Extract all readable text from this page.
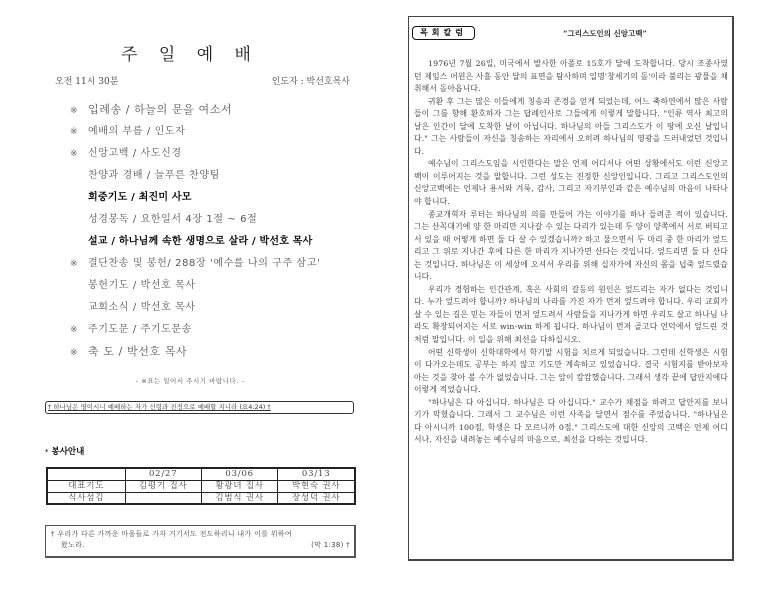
주 일 예 배
오전 11시 30분	인도자 : 박선호목사
※ 입례송 / 하늘의 문을 여소서
※ 예배의 부름 / 인도자
※ 신앙고백 / 사도신경
찬양과 경배 / 늘푸른 찬양팀
회중기도 / 최진미 사모
성경봉독 / 요한일서 4장 1절 ~ 6절
설교 / 하나님께 속한 생명으로 살라 / 박선호 목사
※ 결단찬송 및 봉헌/ 288장 '예수를 나의 구주 삼고'
봉헌기도 / 박선호 목사
교회소식 / 박선호 목사
※ 주기도문 / 주기도문송
※ 축 도 / 박선호 목사
- ※표는 일어서 주시기 바랍니다. -
† 하나님은 영이시니 예배하는 자가 신령과 진정으로 예배할 지니라 (요4:24) †
* 봉사안내
	02/27	03/06	03/13
대표기도	김평기 집사	황광녀 집사	박현숙 권사
식사섬김		김범식 권사	장성덕 권사
† 우리가 다른 가까운 마을들로 가자 거기서도 전도하리니 내가 이를 위하여
왔노라.	(막 1:38) †
목회칼럼	“그리스도인의 신앙고백”

1976년 7월 26일, 미국에서 발사한 아폴로 15호가 달에 도착합니다. 당시 조종사였던 제임스 어윈은 사흘 동안 달의 표면을 탐사하며 일명'창세기의 돌'이라 불리는 광물을 채취해서 돌아옵니다.

귀환 후 그는 많은 이들에게 칭송과 존경을 얻게 되었는데, 어느 축하연에서 많은 사람들이 그를 향해 환호하자 그는 답례인사로 그들에게 이렇게 말합니다. "인류 역사 최고의 날은 인간이 달에 도착한 날이 아닙니다. 하나님의 아들 그리스도가 이 땅에 오신 날입니다." 그는 사람들이 자신을 칭송하는 자리에서 오히려 하나님의 영광을 드러내었던 것입니다.

예수님이 그리스도임을 시인한다는 말은 언제 어디서나 어떤 상황에서도 이런 신앙고백이 이루어지는 것을 말합니다. 그런 성도는 진정한 신앙인입니다. 그리고 그리스도인의 신앙고백에는 언제나 용서와 겨룩, 감사, 그리고 자기부인과 같은 예수님의 마음이 나타나야 합니다.

종교개혁자 루터는 하나님의 의를 만들어 가는 이야기를 하나 들려준 적이 있습니다. 그는 산꼭대기에 양 한 마리만 지나갈 수 있는 다리가 있는데 두 양이 양쪽에서 서로 버티고 서 있을 때 어떻게 하면 둘 다 살 수 있겠습니까? 하고 물으면서 두 마리 중 한 마리가 엎드리고 그 위로 지나간 후에 다른 한 마리가 지나가면 산다는 것입니다. 엎드리면 둘 다 산다는 것입니다. 하나님은 이 세상에 오셔서 우리를 위해 십자가에 자신의 몸을 넙죽 엎드렸습니다.

우리가 경험하는 인간관계, 혹은 사회의 갈등의 원인은 엎드리는 자가 없다는 것입니다. 누가 엎드려야 합니까? 하나님의 나라를 가진 자가 먼저 엎드려야 합니다. 우리 교회가 살 수 있는 길은 믿는 자들이 먼저 엎드려서 사람들을 지나가게 하면 우리도 살고 하나님 나라도 확장되어지는 서로 win-win 하게 됩니다. 하나님이 먼저 골고다 언덕에서 엎드린 것처럼 말입니다. 이 일을 위해 최선을 다하십시오.

어떤 신학생이 신학대학에서 학기말 시험을 치르게 되었습니다. 그런데 신학생은 시험이 다가오는데도 공부는 하지 않고 기도만 계속하고 있었습니다. 결국 시험지를 받아보자 아는 것을 찾아 볼 수가 없었습니다. 그는 앞이 캄캄했습니다. 그래서 생각 끝에 답안지에다 이렇게 적었습니다.

"하나님은 다 아십니다. 하나님은 다 아십니다." 교수가 채점을 하려고 답안지를 보니 기가 막혔습니다. 그래서 그 교수님은 이런 사족을 달면서 점수를 주었습니다. "하나님은 다 아시니까 100점, 학생은 다 모르니까 0점." 그리스도에 대한 신앙의 고백은 언제 어디서나, 자신을 내려놓는 예수님의 마음으로, 최선을 다하는 것입니다.
